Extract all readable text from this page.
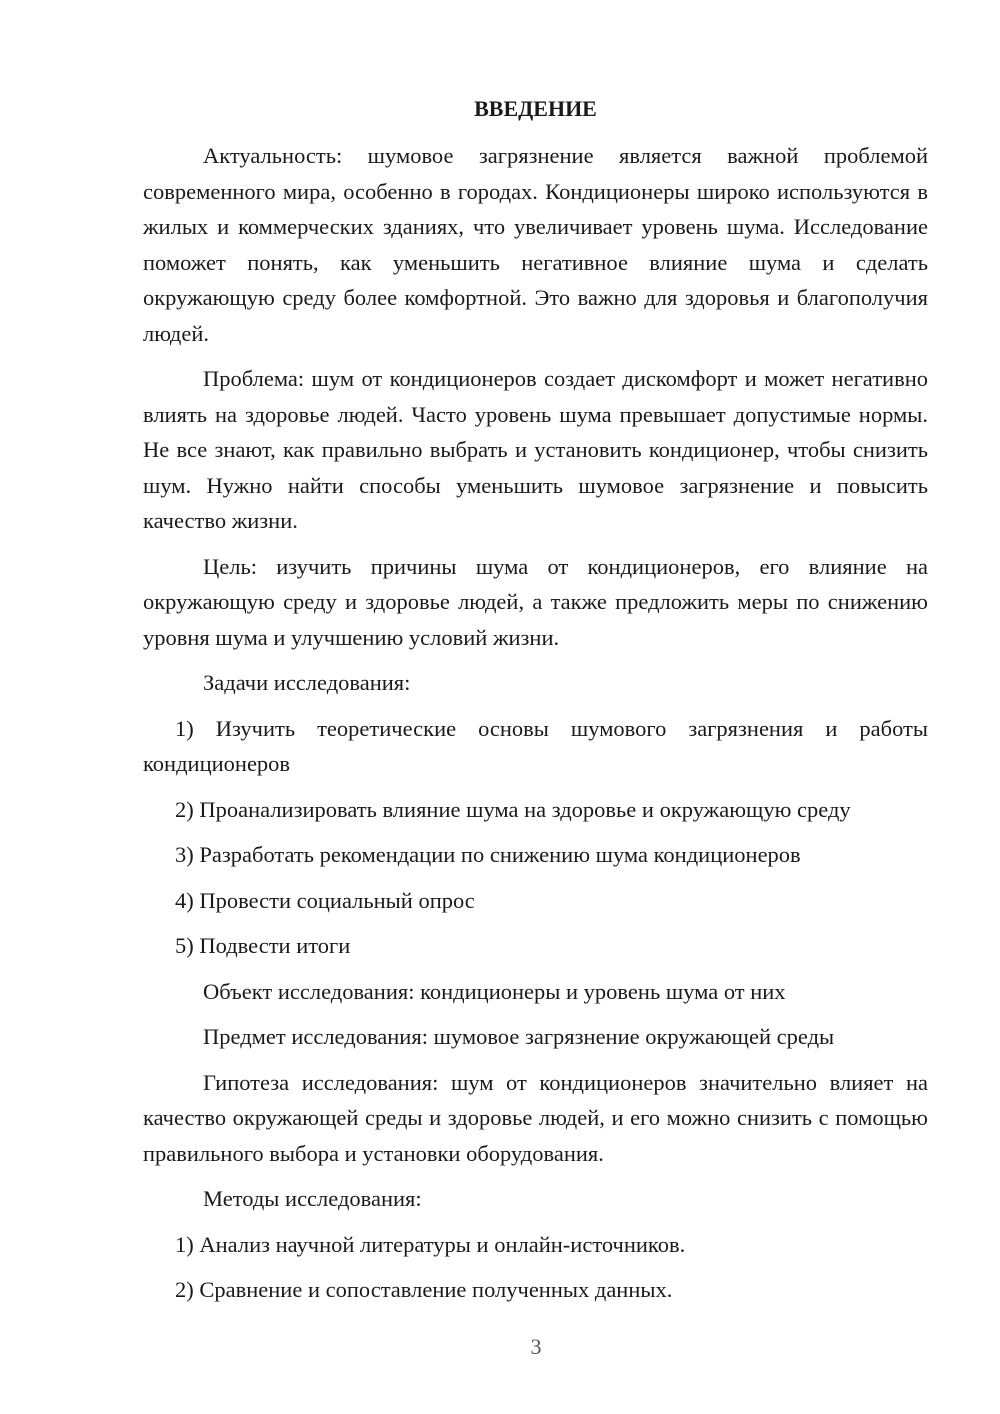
ВВЕДЕНИЕ

Актуальность: шумовое загрязнение является важной проблемой современного мира, особенно в городах. Кондиционеры широко используются в жилых и коммерческих зданиях, что увеличивает уровень шума. Исследование поможет понять, как уменьшить негативное влияние шума и сделать окружающую среду более комфортной. Это важно для здоровья и благополучия людей.

Проблема: шум от кондиционеров создает дискомфорт и может негативно влиять на здоровье людей. Часто уровень шума превышает допустимые нормы. Не все знают, как правильно выбрать и установить кондиционер, чтобы снизить шум. Нужно найти способы уменьшить шумовое загрязнение и повысить качество жизни.

Цель: изучить причины шума от кондиционеров, его влияние на окружающую среду и здоровье людей, а также предложить меры по снижению уровня шума и улучшению условий жизни.

Задачи исследования:

1) Изучить теоретические основы шумового загрязнения и работы кондиционеров

2) Проанализировать влияние шума на здоровье и окружающую среду

3) Разработать рекомендации по снижению шума кондиционеров

4) Провести социальный опрос

5) Подвести итоги

Объект исследования: кондиционеры и уровень шума от них

Предмет исследования: шумовое загрязнение окружающей среды

Гипотеза исследования: шум от кондиционеров значительно влияет на качество окружающей среды и здоровье людей, и его можно снизить с помощью правильного выбора и установки оборудования.

Методы исследования:

1) Анализ научной литературы и онлайн-источников.

2) Сравнение и сопоставление полученных данных.

3
